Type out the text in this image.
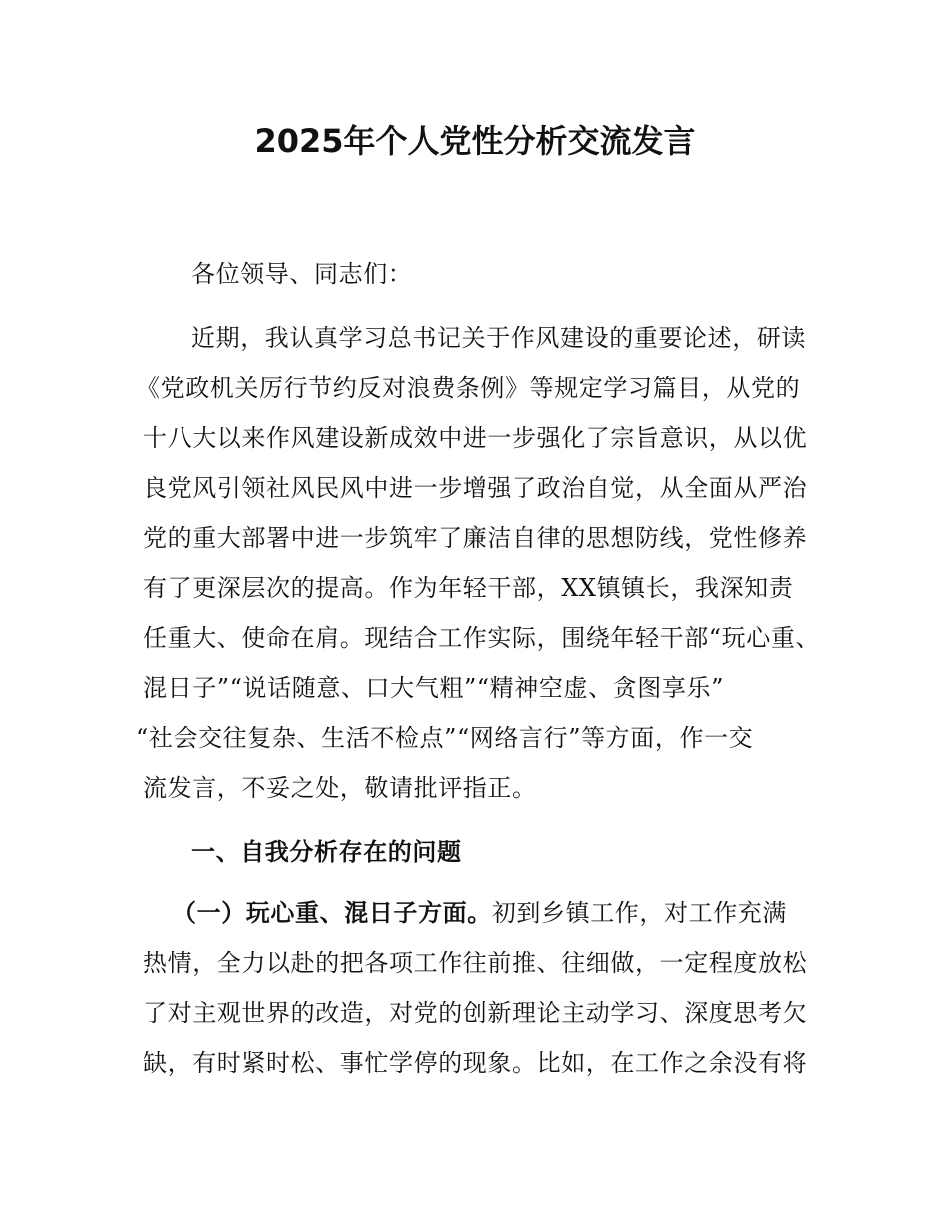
2025年个人党性分析交流发言
各位领导、同志们：
近期，我认真学习总书记关于作风建设的重要论述，研读
《党政机关厉行节约反对浪费条例》等规定学习篇目，从党的
十八大以来作风建设新成效中进一步强化了宗旨意识，从以优
良党风引领社风民风中进一步增强了政治自觉，从全面从严治
党的重大部署中进一步筑牢了廉洁自律的思想防线，党性修养
有了更深层次的提高。作为年轻干部，XX镇镇长，我深知责
任重大、使命在肩。现结合工作实际，围绕年轻干部“玩心重、
混日子”“说话随意、口大气粗”“精神空虚、贪图享乐”
“社会交往复杂、生活不检点”“网络言行”等方面，作一交
流发言，不妥之处，敬请批评指正。
一、自我分析存在的问题
（一）玩心重、混日子方面。初到乡镇工作，对工作充满
热情，全力以赴的把各项工作往前推、往细做，一定程度放松
了对主观世界的改造，对党的创新理论主动学习、深度思考欠
缺，有时紧时松、事忙学停的现象。比如，在工作之余没有将
